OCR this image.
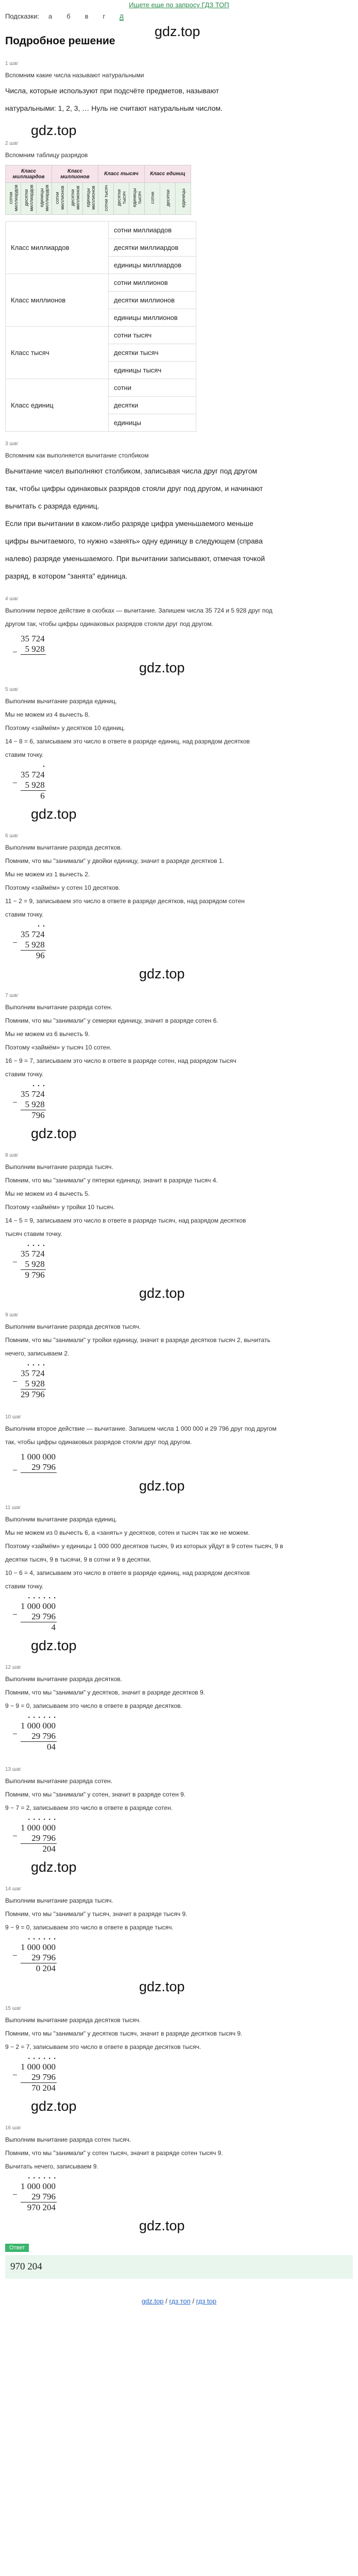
Ищете еще по запросу ГДЗ ТОП
Подсказки: a б в г д
gdz.top
Подробное решение
1 шаг
Вспомним какие числа называют натуральными
Числа, которые используют при подсчёте предметов, называют
натуральными: 1, 2, 3, … Нуль не считают натуральным числом.
gdz.top
2 шаг
Вспомним таблицу разрядов
Класс миллиардов			Класс миллионов			Класс тысяч			Класс единиц		
сотни миллиардов	десятки миллиардов	единицы миллиардов	сотни миллионов	десятки миллионов	единицы миллионов	сотни тысяч	десятки тысяч	единицы тысяч	сотни	десятки	единицы
Класс миллиардов	сотни миллиардов
	десятки миллиардов
	единицы миллиардов
Класс миллионов	сотни миллионов
	десятки миллионов
	единицы миллионов
Класс тысяч	сотни тысяч
	десятки тысяч
	единицы тысяч
Класс единиц	сотни
	десятки
	единицы
3 шаг
Вспомним как выполняется вычитание столбиком
Вычитание чисел выполняют столбиком, записывая числа друг под другом
так, чтобы цифры одинаковых разрядов стояли друг под другом, и начинают
вычитать с разряда единиц.
Если при вычитании в каком-либо разряде цифра уменьшаемого меньше
цифры вычитаемого, то нужно «занять» одну единицу в следующем (справа
налево) разряде уменьшаемого. При вычитании записывают, отмечая точкой
разряд, в котором "занята" единица.
4 шаг
Выполним первое действие в скобках — вычитание. Запишем числа 35 724 и 5 928 друг под
другом так, чтобы цифры одинаковых разрядов стояли друг под другом.
−
35 724
5 928
gdz.top
5 шаг
Выполним вычитание разряда единиц.
Мы не можем из 4 вычесть 8.
Поэтому «займём» у десятков 10 единиц.
14 − 8 = 6, записываем это число в ответе в разряде единиц, над разрядом десятков
ставим точку.
−
•
35 724
5 928
6
gdz.top
6 шаг
Выполним вычитание разряда десятков.
Помним, что мы "занимали" у двойки единицу, значит в разряде десятков 1.
Мы не можем из 1 вычесть 2.
Поэтому «займём» у сотен 10 десятков.
11 − 2 = 9, записываем это число в ответе в разряде десятков, над разрядом сотен
ставим точку.
−
• •
35 724
5 928
96
gdz.top
7 шаг
Выполним вычитание разряда сотен.
Помним, что мы "занимали" у семерки единицу, значит в разряде сотен 6.
Мы не можем из 6 вычесть 9.
Поэтому «займём» у тысяч 10 сотен.
16 − 9 = 7, записываем это число в ответе в разряде сотен, над разрядом тысяч
ставим точку.
−
• • •
35 724
5 928
796
gdz.top
8 шаг
Выполним вычитание разряда тысяч.
Помним, что мы "занимали" у пятерки единицу, значит в разряде тысяч 4.
Мы не можем из 4 вычесть 5.
Поэтому «займём» у тройки 10 тысяч.
14 − 5 = 9, записываем это число в ответе в разряде тысяч, над разрядом десятков
тысяч ставим точку.
−
• • • •
35 724
5 928
9 796
gdz.top
9 шаг
Выполним вычитание разряда десятков тысяч.
Помним, что мы "занимали" у тройки единицу, значит в разряде десятков тысяч 2, вычитать
нечего, записываем 2.
−
• • • •
35 724
5 928
29 796
10 шаг
Выполним второе действие — вычитание. Запишем числа 1 000 000 и 29 796 друг под другом
так, чтобы цифры одинаковых разрядов стояли друг под другом.
−
1 000 000
29 796
gdz.top
11 шаг
Выполним вычитание разряда единиц.
Мы не можем из 0 вычесть 6, а «занять» у десятков, сотен и тысяч так же не можем.
Поэтому «займём» у единицы 1 000 000 десятков тысяч, 9 из которых уйдут в 9 сотен тысяч, 9 в
десятки тысяч, 9 в тысячи, 9 в сотни и 9 в десятки.
10 − 6 = 4, записываем это число в ответе в разряде единиц, над разрядом десятков
ставим точку.
−
• • • • • •
1 000 000
29 796
4
gdz.top
12 шаг
Выполним вычитание разряда десятков.
Помним, что мы "занимали" у десятков, значит в разряде десятков 9.
9 − 9 = 0, записываем это число в ответе в разряде десятков.
−
• • • • • •
1 000 000
29 796
04
13 шаг
Выполним вычитание разряда сотен.
Помним, что мы "занимали" у сотен, значит в разряде сотен 9.
9 − 7 = 2, записываем это число в ответе в разряде сотен.
−
• • • • • •
1 000 000
29 796
204
gdz.top
14 шаг
Выполним вычитание разряда тысяч.
Помним, что мы "занимали" у тысяч, значит в разряде тысяч 9.
9 − 9 = 0, записываем это число в ответе в разряде тысяч.
−
• • • • • •
1 000 000
29 796
0 204
gdz.top
15 шаг
Выполним вычитание разряда десятков тысяч.
Помним, что мы "занимали" у десятков тысяч, значит в разряде десятков тысяч 9.
9 − 2 = 7, записываем это число в ответе в разряде десятков тысяч.
−
• • • • • •
1 000 000
29 796
70 204
gdz.top
16 шаг
Выполним вычитание разряда сотен тысяч.
Помним, что мы "занимали" у сотен тысяч, значит в разряде сотен тысяч 9.
Вычитать нечего, записываем 9.
−
• • • • • •
1 000 000
29 796
970 204
gdz.top
Ответ
970 204
gdz.top / гдз топ / гдз top
